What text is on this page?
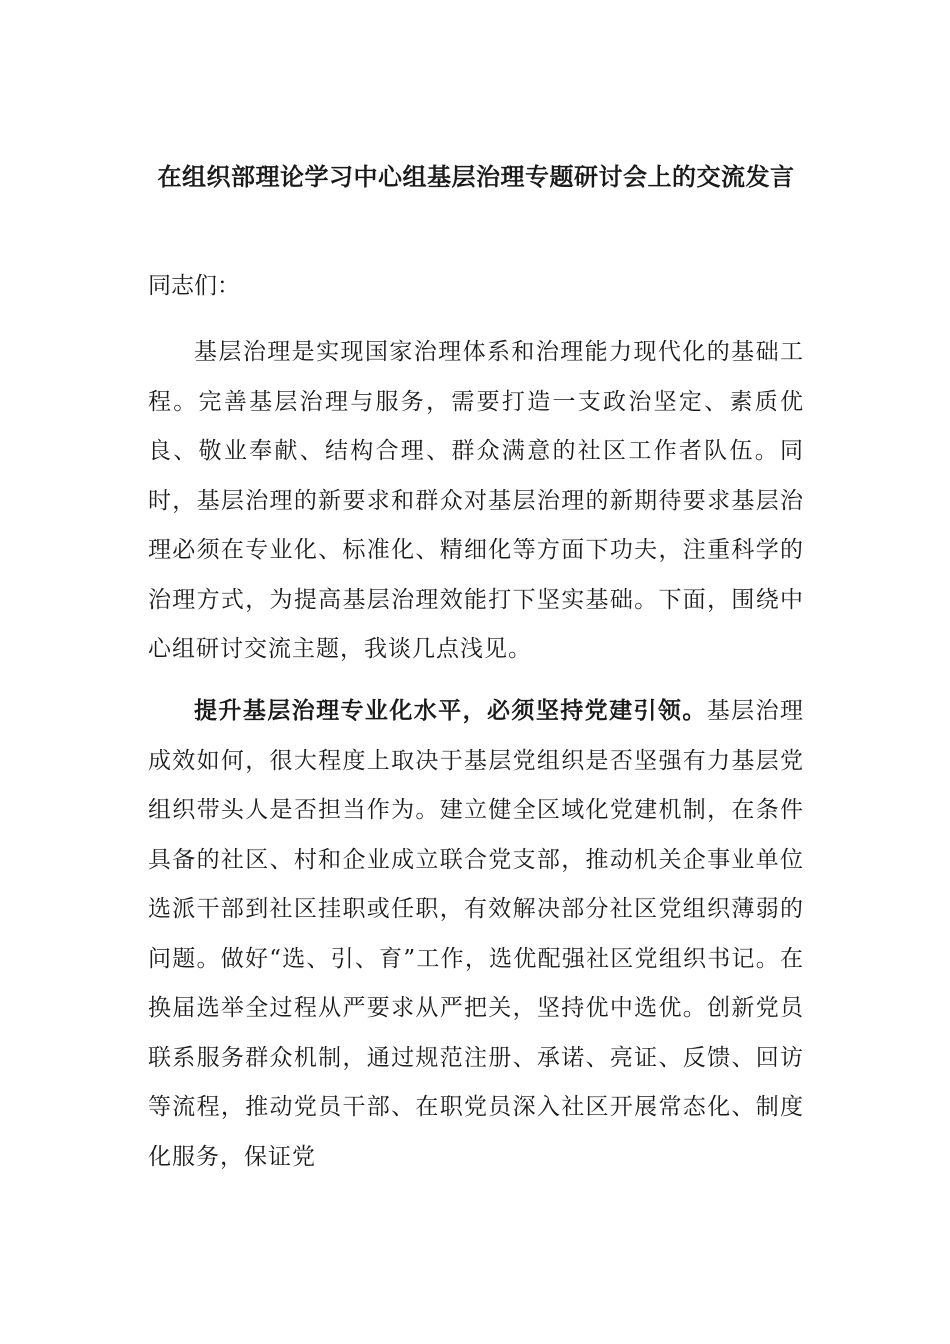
在组织部理论学习中心组基层治理专题研讨会上的交流发言
同志们：
基层治理是实现国家治理体系和治理能力现代化的基础工程。完善基层治理与服务，需要打造一支政治坚定、素质优良、敬业奉献、结构合理、群众满意的社区工作者队伍。同时，基层治理的新要求和群众对基层治理的新期待要求基层治理必须在专业化、标准化、精细化等方面下功夫，注重科学的治理方式，为提高基层治理效能打下坚实基础。下面，围绕中心组研讨交流主题，我谈几点浅见。
提升基层治理专业化水平，必须坚持党建引领。基层治理成效如何，很大程度上取决于基层党组织是否坚强有力基层党组织带头人是否担当作为。建立健全区域化党建机制，在条件具备的社区、村和企业成立联合党支部，推动机关企事业单位选派干部到社区挂职或任职，有效解决部分社区党组织薄弱的问题。做好“选、引、育”工作，选优配强社区党组织书记。在换届选举全过程从严要求从严把关，坚持优中选优。创新党员联系服务群众机制，通过规范注册、承诺、亮证、反馈、回访等流程，推动党员干部、在职党员深入社区开展常态化、制度化服务，保证党
